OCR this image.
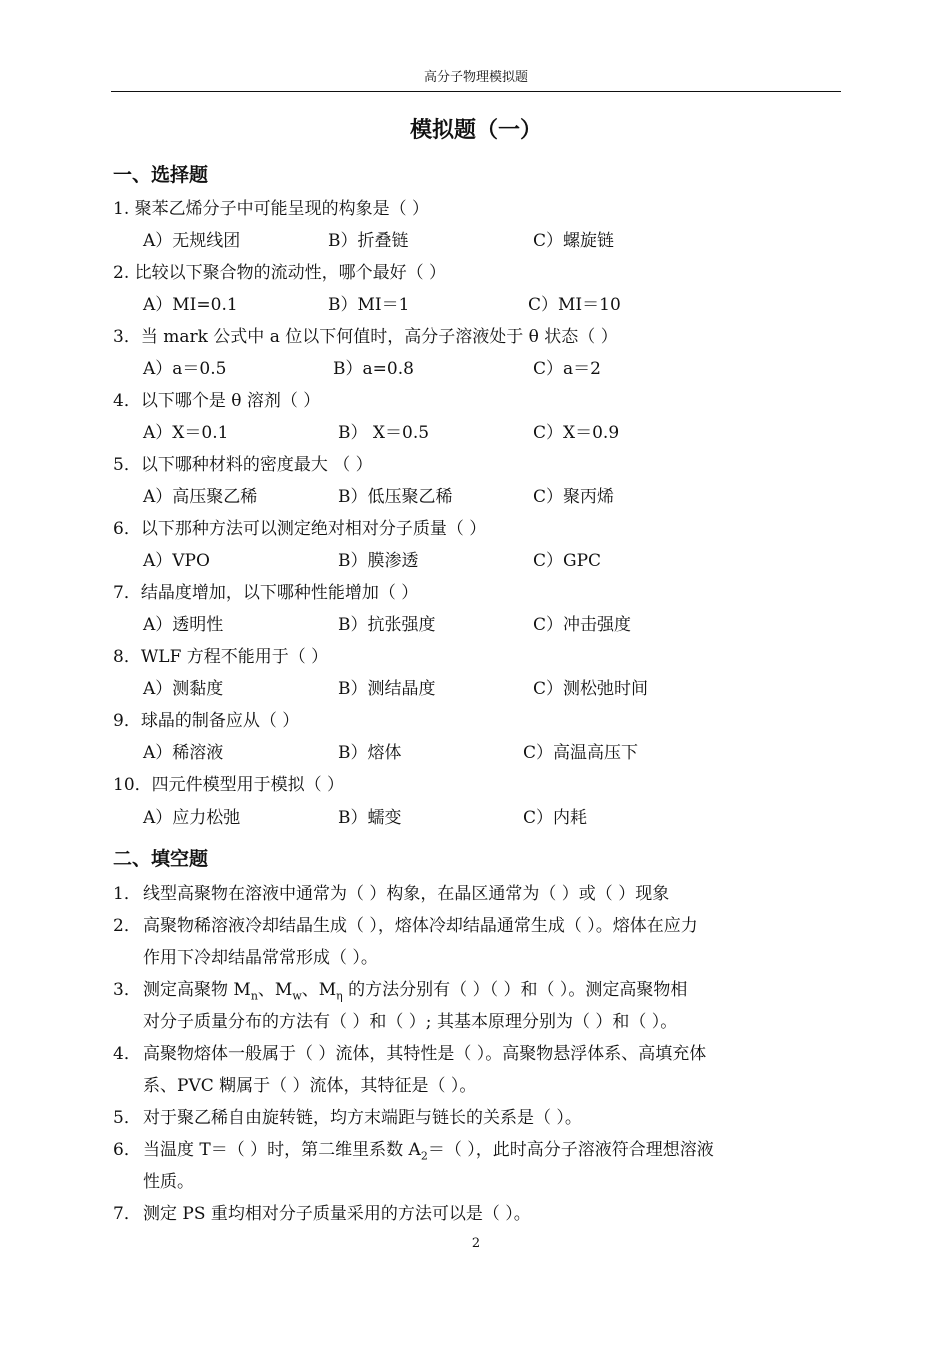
高分子物理模拟题
模拟题（一）
一、选择题
1. 聚苯乙烯分子中可能呈现的构象是（ ）
A）无规线团	B）折叠链	C）螺旋链
2. 比较以下聚合物的流动性，哪个最好（ ）
A）MI=0.1	B）MI＝1	C）MI＝10
3．当 mark 公式中 a 位以下何值时，高分子溶液处于 θ 状态（ ）
A）a＝0.5	B）a=0.8	C）a＝2
4．以下哪个是 θ 溶剂（ ）
A）X＝0.1	B） X＝0.5	C）X＝0.9
5．以下哪种材料的密度最大 （ ）
A）高压聚乙稀	B）低压聚乙稀	C）聚丙烯
6．以下那种方法可以测定绝对相对分子质量（ ）
A）VPO	B）膜渗透	C）GPC
7．结晶度增加，以下哪种性能增加（ ）
A）透明性	B）抗张强度	C）冲击强度
8．WLF 方程不能用于（ ）
A）测黏度	B）测结晶度	C）测松弛时间
9．球晶的制备应从（ ）
A）稀溶液	B）熔体	C）高温高压下
10．四元件模型用于模拟（ ）
A）应力松弛	B）蠕变	C）内耗
二、填空题
1． 线型高聚物在溶液中通常为（ ）构象，在晶区通常为（ ）或（ ）现象
2． 高聚物稀溶液冷却结晶生成（ ），熔体冷却结晶通常生成（ ）。熔体在应力
作用下冷却结晶常常形成（ ）。
3． 测定高聚物 $M_n$、$M_w$、$M_\eta$ 的方法分别有（ ）（ ）和（ ）。测定高聚物相
对分子质量分布的方法有（ ）和（ ）; 其基本原理分别为（ ）和（ ）。
4． 高聚物熔体一般属于（ ）流体，其特性是（ ）。高聚物悬浮体系、高填充体
系、PVC 糊属于（ ）流体，其特征是（ ）。
5． 对于聚乙稀自由旋转链，均方末端距与链长的关系是（ ）。
6． 当温度 T＝（ ）时，第二维里系数 $A_2=$（ ），此时高分子溶液符合理想溶液
性质。
7． 测定 PS 重均相对分子质量采用的方法可以是（ ）。
2
